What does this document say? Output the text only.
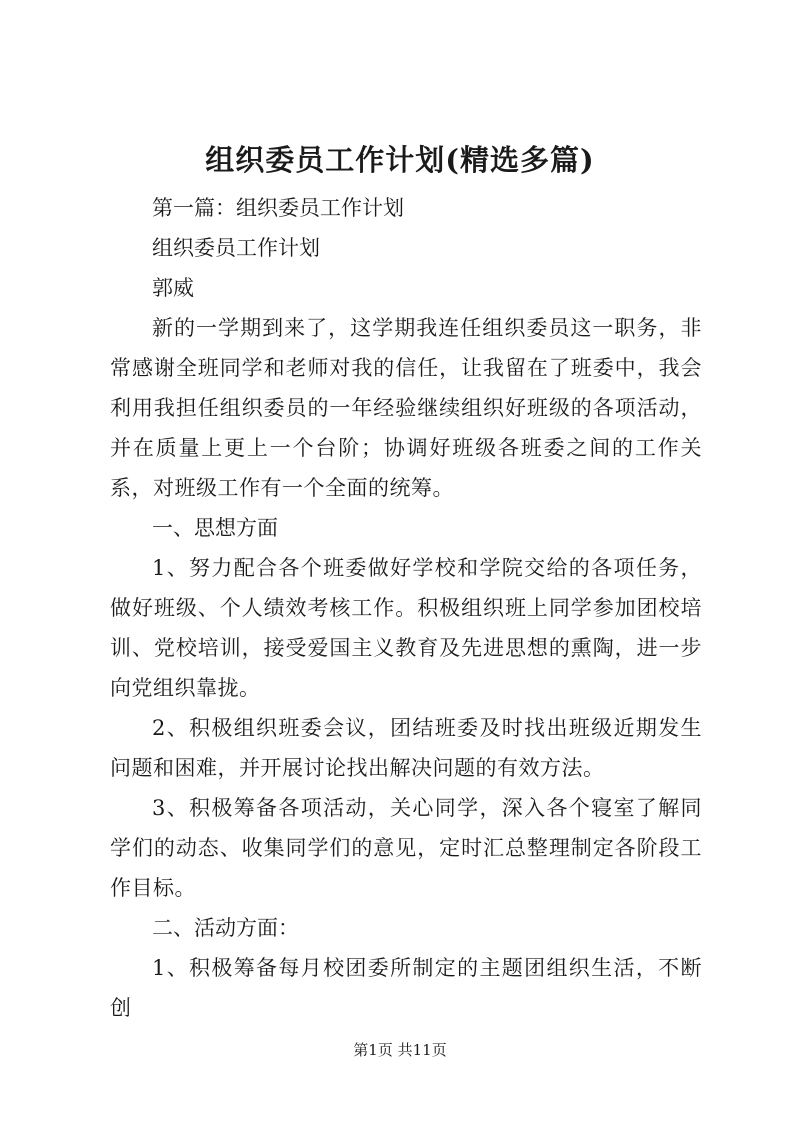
组织委员工作计划(精选多篇)

第一篇：组织委员工作计划

组织委员工作计划

郭威

新的一学期到来了，这学期我连任组织委员这一职务，非常感谢全班同学和老师对我的信任，让我留在了班委中，我会利用我担任组织委员的一年经验继续组织好班级的各项活动，并在质量上更上一个台阶；协调好班级各班委之间的工作关系，对班级工作有一个全面的统筹。

一、思想方面

1、努力配合各个班委做好学校和学院交给的各项任务，做好班级、个人绩效考核工作。积极组织班上同学参加团校培训、党校培训，接受爱国主义教育及先进思想的熏陶，进一步向党组织靠拢。

2、积极组织班委会议，团结班委及时找出班级近期发生问题和困难，并开展讨论找出解决问题的有效方法。

3、积极筹备各项活动，关心同学，深入各个寝室了解同学们的动态、收集同学们的意见，定时汇总整理制定各阶段工作目标。

二、活动方面：

1、积极筹备每月校团委所制定的主题团组织生活，不断创

第1页 共11页
